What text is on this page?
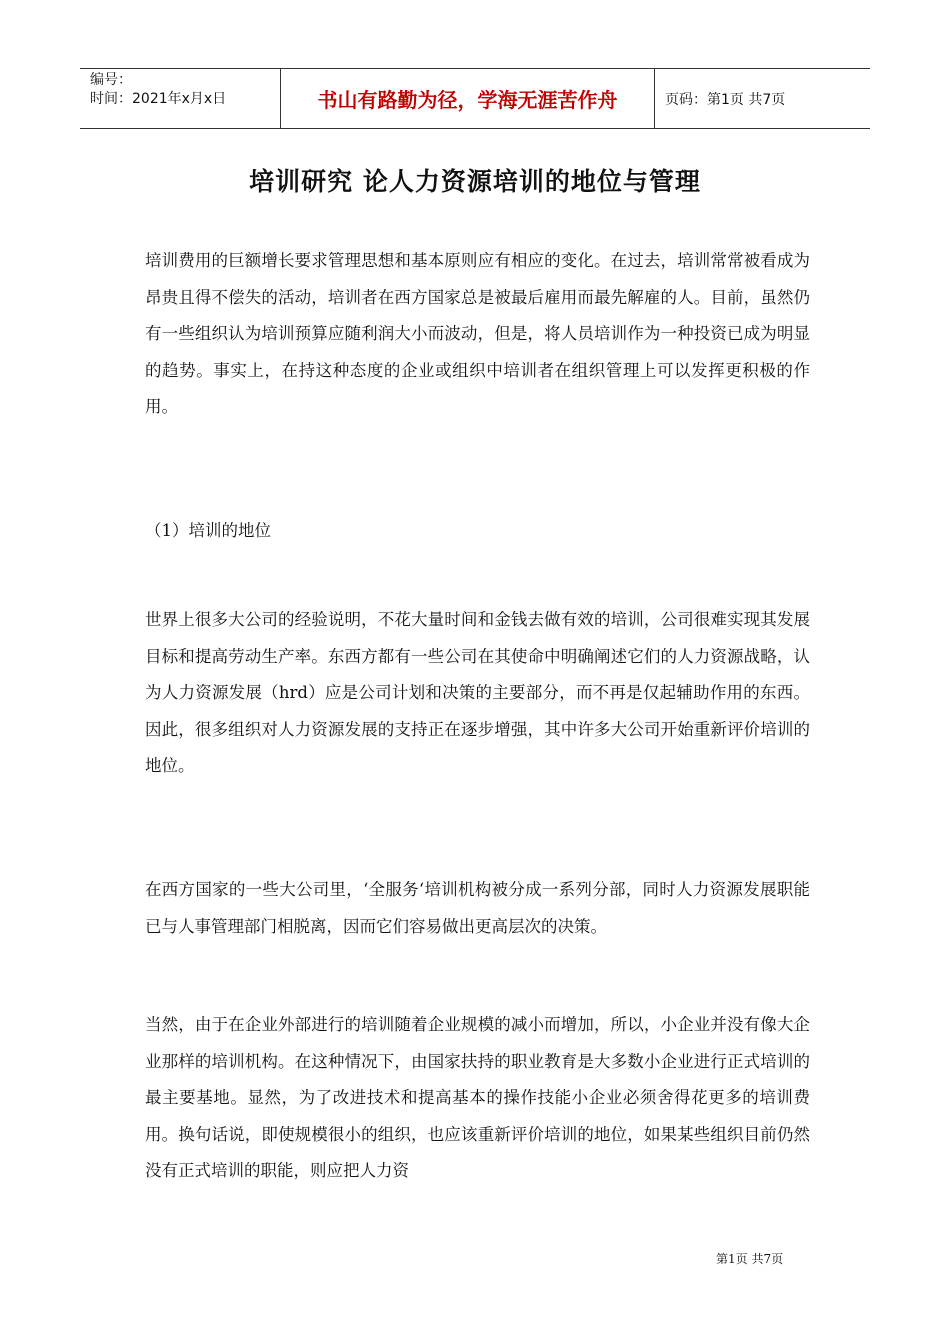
编号：
时间：2021年x月x日	书山有路勤为径，学海无涯苦作舟	页码：第1页 共7页
培训研究 论人力资源培训的地位与管理

培训费用的巨额增长要求管理思想和基本原则应有相应的变化。在过去，培训常常被看成为昂贵且得不偿失的活动，培训者在西方国家总是被最后雇用而最先解雇的人。目前，虽然仍有一些组织认为培训预算应随利润大小而波动，但是，将人员培训作为一种投资已成为明显的趋势。事实上，在持这种态度的企业或组织中培训者在组织管理上可以发挥更积极的作用。

（1）培训的地位

世界上很多大公司的经验说明，不花大量时间和金钱去做有效的培训，公司很难实现其发展目标和提高劳动生产率。东西方都有一些公司在其使命中明确阐述它们的人力资源战略，认为人力资源发展（hrd）应是公司计划和决策的主要部分，而不再是仅起辅助作用的东西。因此，很多组织对人力资源发展的支持正在逐步增强，其中许多大公司开始重新评价培训的地位。

在西方国家的一些大公司里，‘全服务‘培训机构被分成一系列分部，同时人力资源发展职能已与人事管理部门相脱离，因而它们容易做出更高层次的决策。

当然，由于在企业外部进行的培训随着企业规模的减小而增加，所以，小企业并没有像大企业那样的培训机构。在这种情况下，由国家扶持的职业教育是大多数小企业进行正式培训的最主要基地。显然，为了改进技术和提高基本的操作技能小企业必须舍得花更多的培训费用。换句话说，即使规模很小的组织，也应该重新评价培训的地位，如果某些组织目前仍然没有正式培训的职能，则应把人力资

第1页 共7页
